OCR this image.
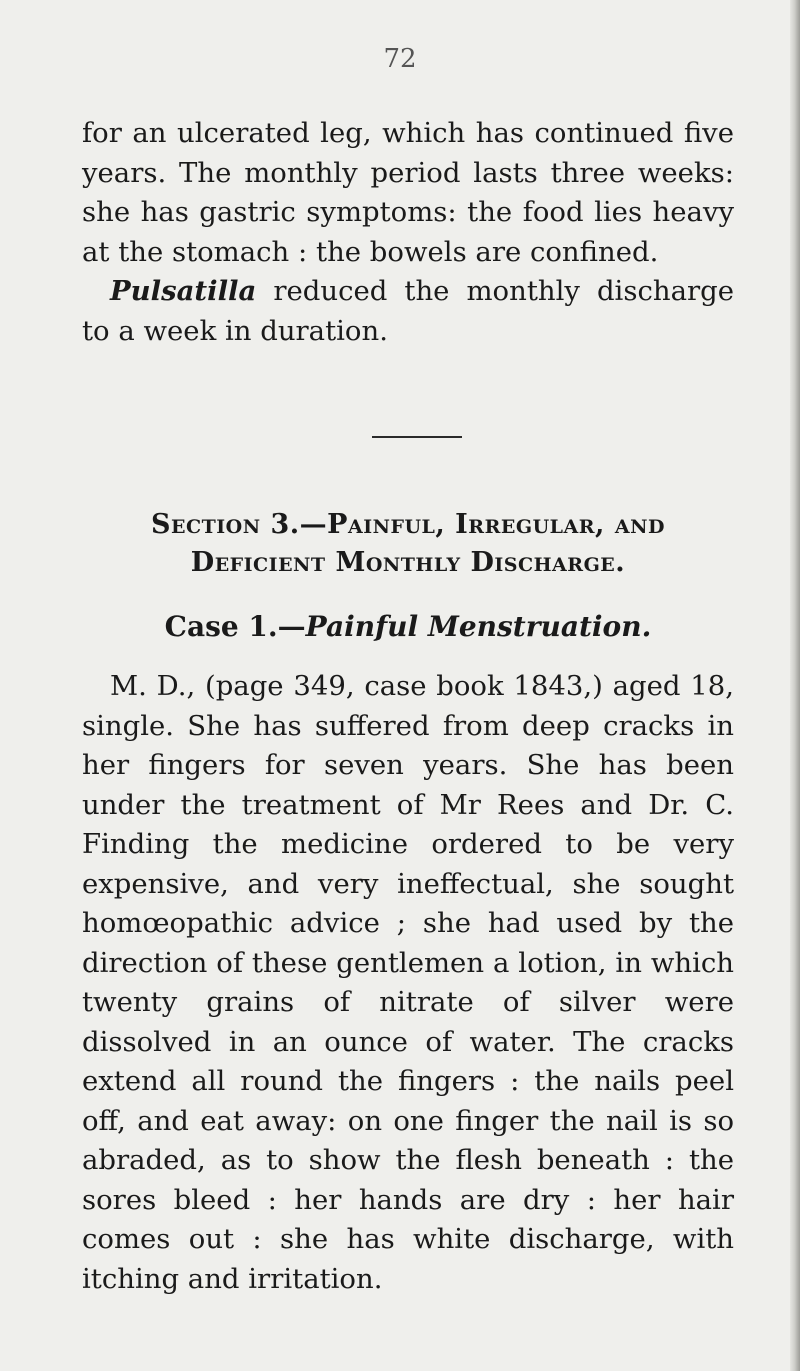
72

for an ulcerated leg, which has continued five years. The monthly period lasts three weeks: she has gastric symptoms: the food lies heavy at the stomach : the bowels are confined.

Pulsatilla reduced the monthly discharge to a week in duration.

Section 3.—Painful, Irregular, and Deficient Monthly Discharge.
Case 1.—Painful Menstruation.

M. D., (page 349, case book 1843,) aged 18, single. She has suffered from deep cracks in her fingers for seven years. She has been under the treatment of Mr Rees and Dr. C. Finding the medicine ordered to be very expensive, and very ineffectual, she sought homœopathic advice ; she had used by the direction of these gentlemen a lotion, in which twenty grains of nitrate of silver were dissolved in an ounce of water. The cracks extend all round the fingers : the nails peel off, and eat away: on one finger the nail is so abraded, as to show the flesh beneath : the sores bleed : her hands are dry : her hair comes out : she has white discharge, with itching and irritation.
